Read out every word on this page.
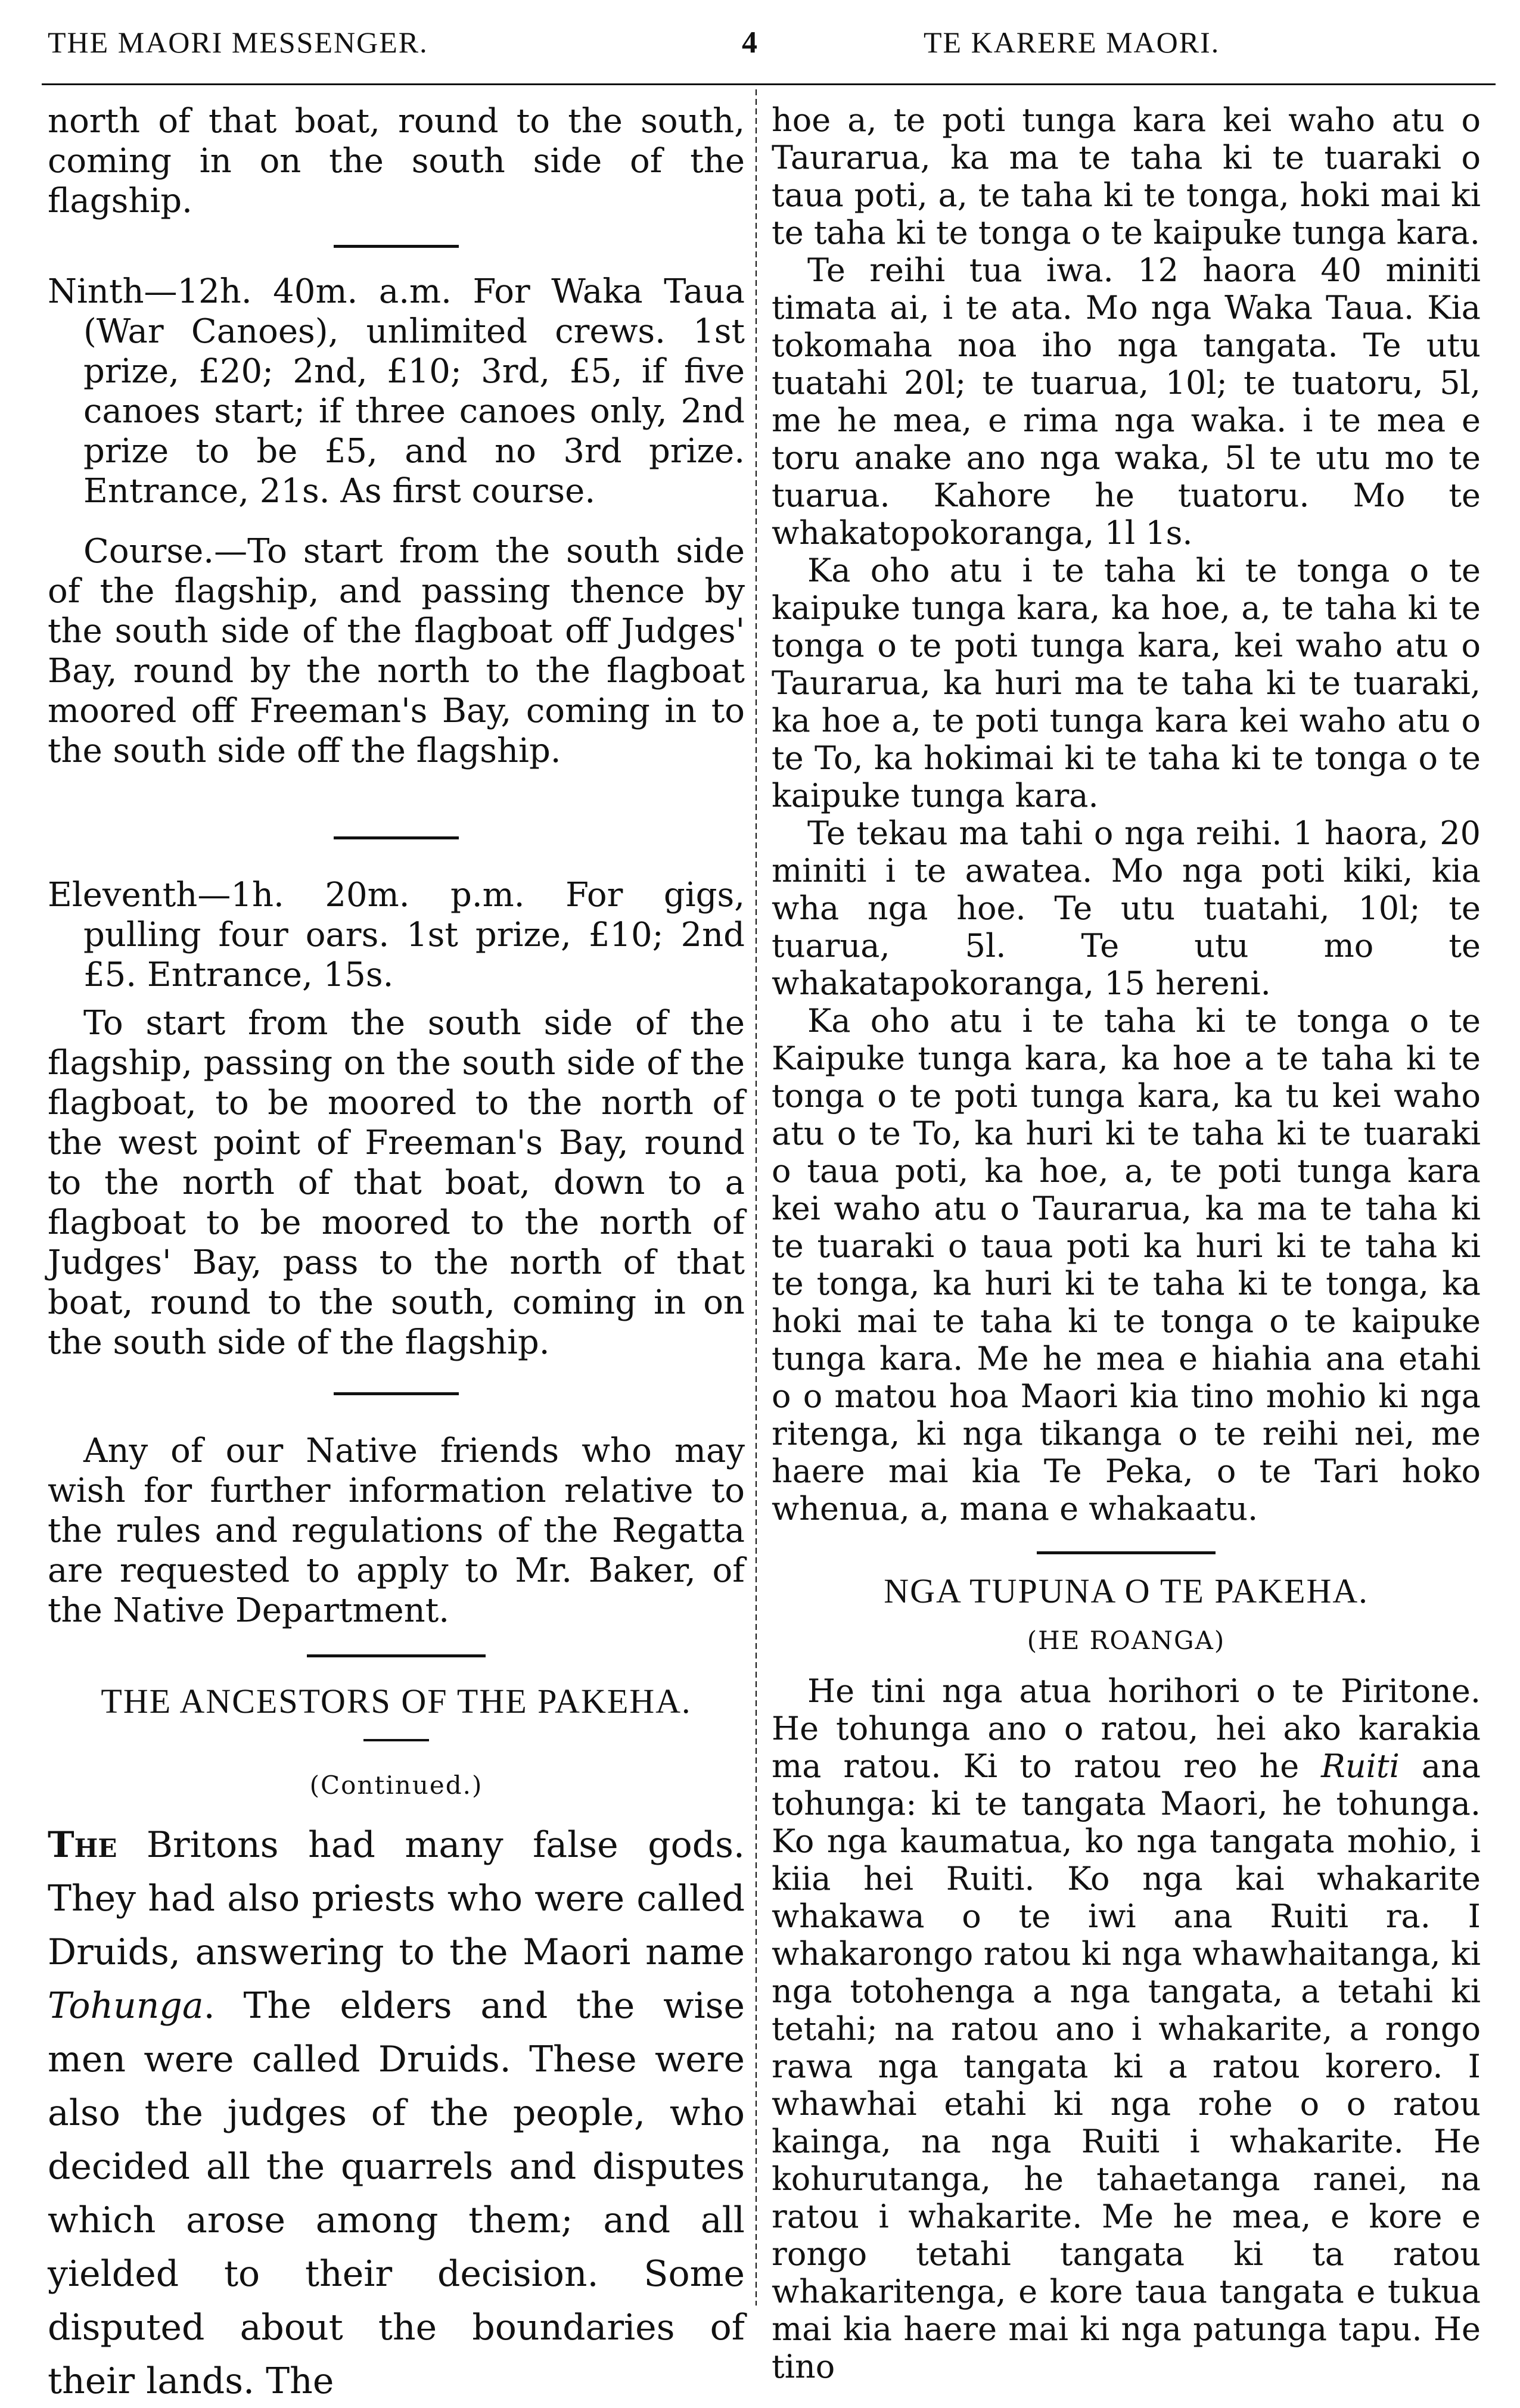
THE MAORI MESSENGER.	4	TE KARERE MAORI.

north of that boat, round to the south, coming in on the south side of the flagship.

Ninth—12h. 40m. a.m. For Waka Taua (War Canoes), unlimited crews. 1st prize, £20; 2nd, £10; 3rd, £5, if five canoes start; if three canoes only, 2nd prize to be £5, and no 3rd prize. Entrance, 21s. As first course.

Course.—To start from the south side of the flagship, and passing thence by the south side of the flagboat off Judges' Bay, round by the north to the flagboat moored off Freeman's Bay, coming in to the south side off the flagship.

Eleventh—1h. 20m. p.m. For gigs, pulling four oars. 1st prize, £10; 2nd £5. Entrance, 15s.

To start from the south side of the flagship, passing on the south side of the flagboat, to be moored to the north of the west point of Freeman's Bay, round to the north of that boat, down to a flagboat to be moored to the north of Judges' Bay, pass to the north of that boat, round to the south, coming in on the south side of the flagship.

Any of our Native friends who may wish for further information relative to the rules and regulations of the Regatta are requested to apply to Mr. Baker, of the Native Department.

THE ANCESTORS OF THE PAKEHA.
(Continued.)

The Britons had many false gods. They had also priests who were called Druids, answering to the Maori name Tohunga. The elders and the wise men were called Druids. These were also the judges of the people, who decided all the quarrels and disputes which arose among them; and all yielded to their decision. Some disputed about the boundaries of their lands. The

hoe a, te poti tunga kara kei waho atu o Taurarua, ka ma te taha ki te tuaraki o taua poti, a, te taha ki te tonga, hoki mai ki te taha ki te tonga o te kaipuke tunga kara.

Te reihi tua iwa. 12 haora 40 miniti timata ai, i te ata. Mo nga Waka Taua. Kia tokomaha noa iho nga tangata. Te utu tuatahi 20l; te tuarua, 10l; te tuatoru, 5l, me he mea, e rima nga waka. i te mea e toru anake ano nga waka, 5l te utu mo te tuarua. Kahore he tuatoru. Mo te whakatopokoranga, 1l 1s.

Ka oho atu i te taha ki te tonga o te kaipuke tunga kara, ka hoe, a, te taha ki te tonga o te poti tunga kara, kei waho atu o Taurarua, ka huri ma te taha ki te tuaraki, ka hoe a, te poti tunga kara kei waho atu o te To, ka hokimai ki te taha ki te tonga o te kaipuke tunga kara.

Te tekau ma tahi o nga reihi. 1 haora, 20 miniti i te awatea. Mo nga poti kiki, kia wha nga hoe. Te utu tuatahi, 10l; te tuarua, 5l. Te utu mo te whakatapokoranga, 15 hereni.

Ka oho atu i te taha ki te tonga o te Kaipuke tunga kara, ka hoe a te taha ki te tonga o te poti tunga kara, ka tu kei waho atu o te To, ka huri ki te taha ki te tuaraki o taua poti, ka hoe, a, te poti tunga kara kei waho atu o Taurarua, ka ma te taha ki te tuaraki o taua poti ka huri ki te taha ki te tonga, ka huri ki te taha ki te tonga, ka hoki mai te taha ki te tonga o te kaipuke tunga kara. Me he mea e hiahia ana etahi o o matou hoa Maori kia tino mohio ki nga ritenga, ki nga tikanga o te reihi nei, me haere mai kia Te Peka, o te Tari hoko whenua, a, mana e whakaatu.

NGA TUPUNA O TE PAKEHA.
(HE ROANGA)

He tini nga atua horihori o te Piritone. He tohunga ano o ratou, hei ako karakia ma ratou. Ki to ratou reo he Ruiti ana tohunga: ki te tangata Maori, he tohunga. Ko nga kaumatua, ko nga tangata mohio, i kiia hei Ruiti. Ko nga kai whakarite whakawa o te iwi ana Ruiti ra. I whakarongo ratou ki nga whawhaitanga, ki nga totohenga a nga tangata, a tetahi ki tetahi; na ratou ano i whakarite, a rongo rawa nga tangata ki a ratou korero. I whawhai etahi ki nga rohe o o ratou kainga, na nga Ruiti i whakarite. He kohurutanga, he tahaetanga ranei, na ratou i whakarite. Me he mea, e kore e rongo tetahi tangata ki ta ratou whakaritenga, e kore taua tangata e tukua mai kia haere mai ki nga patunga tapu. He tino
